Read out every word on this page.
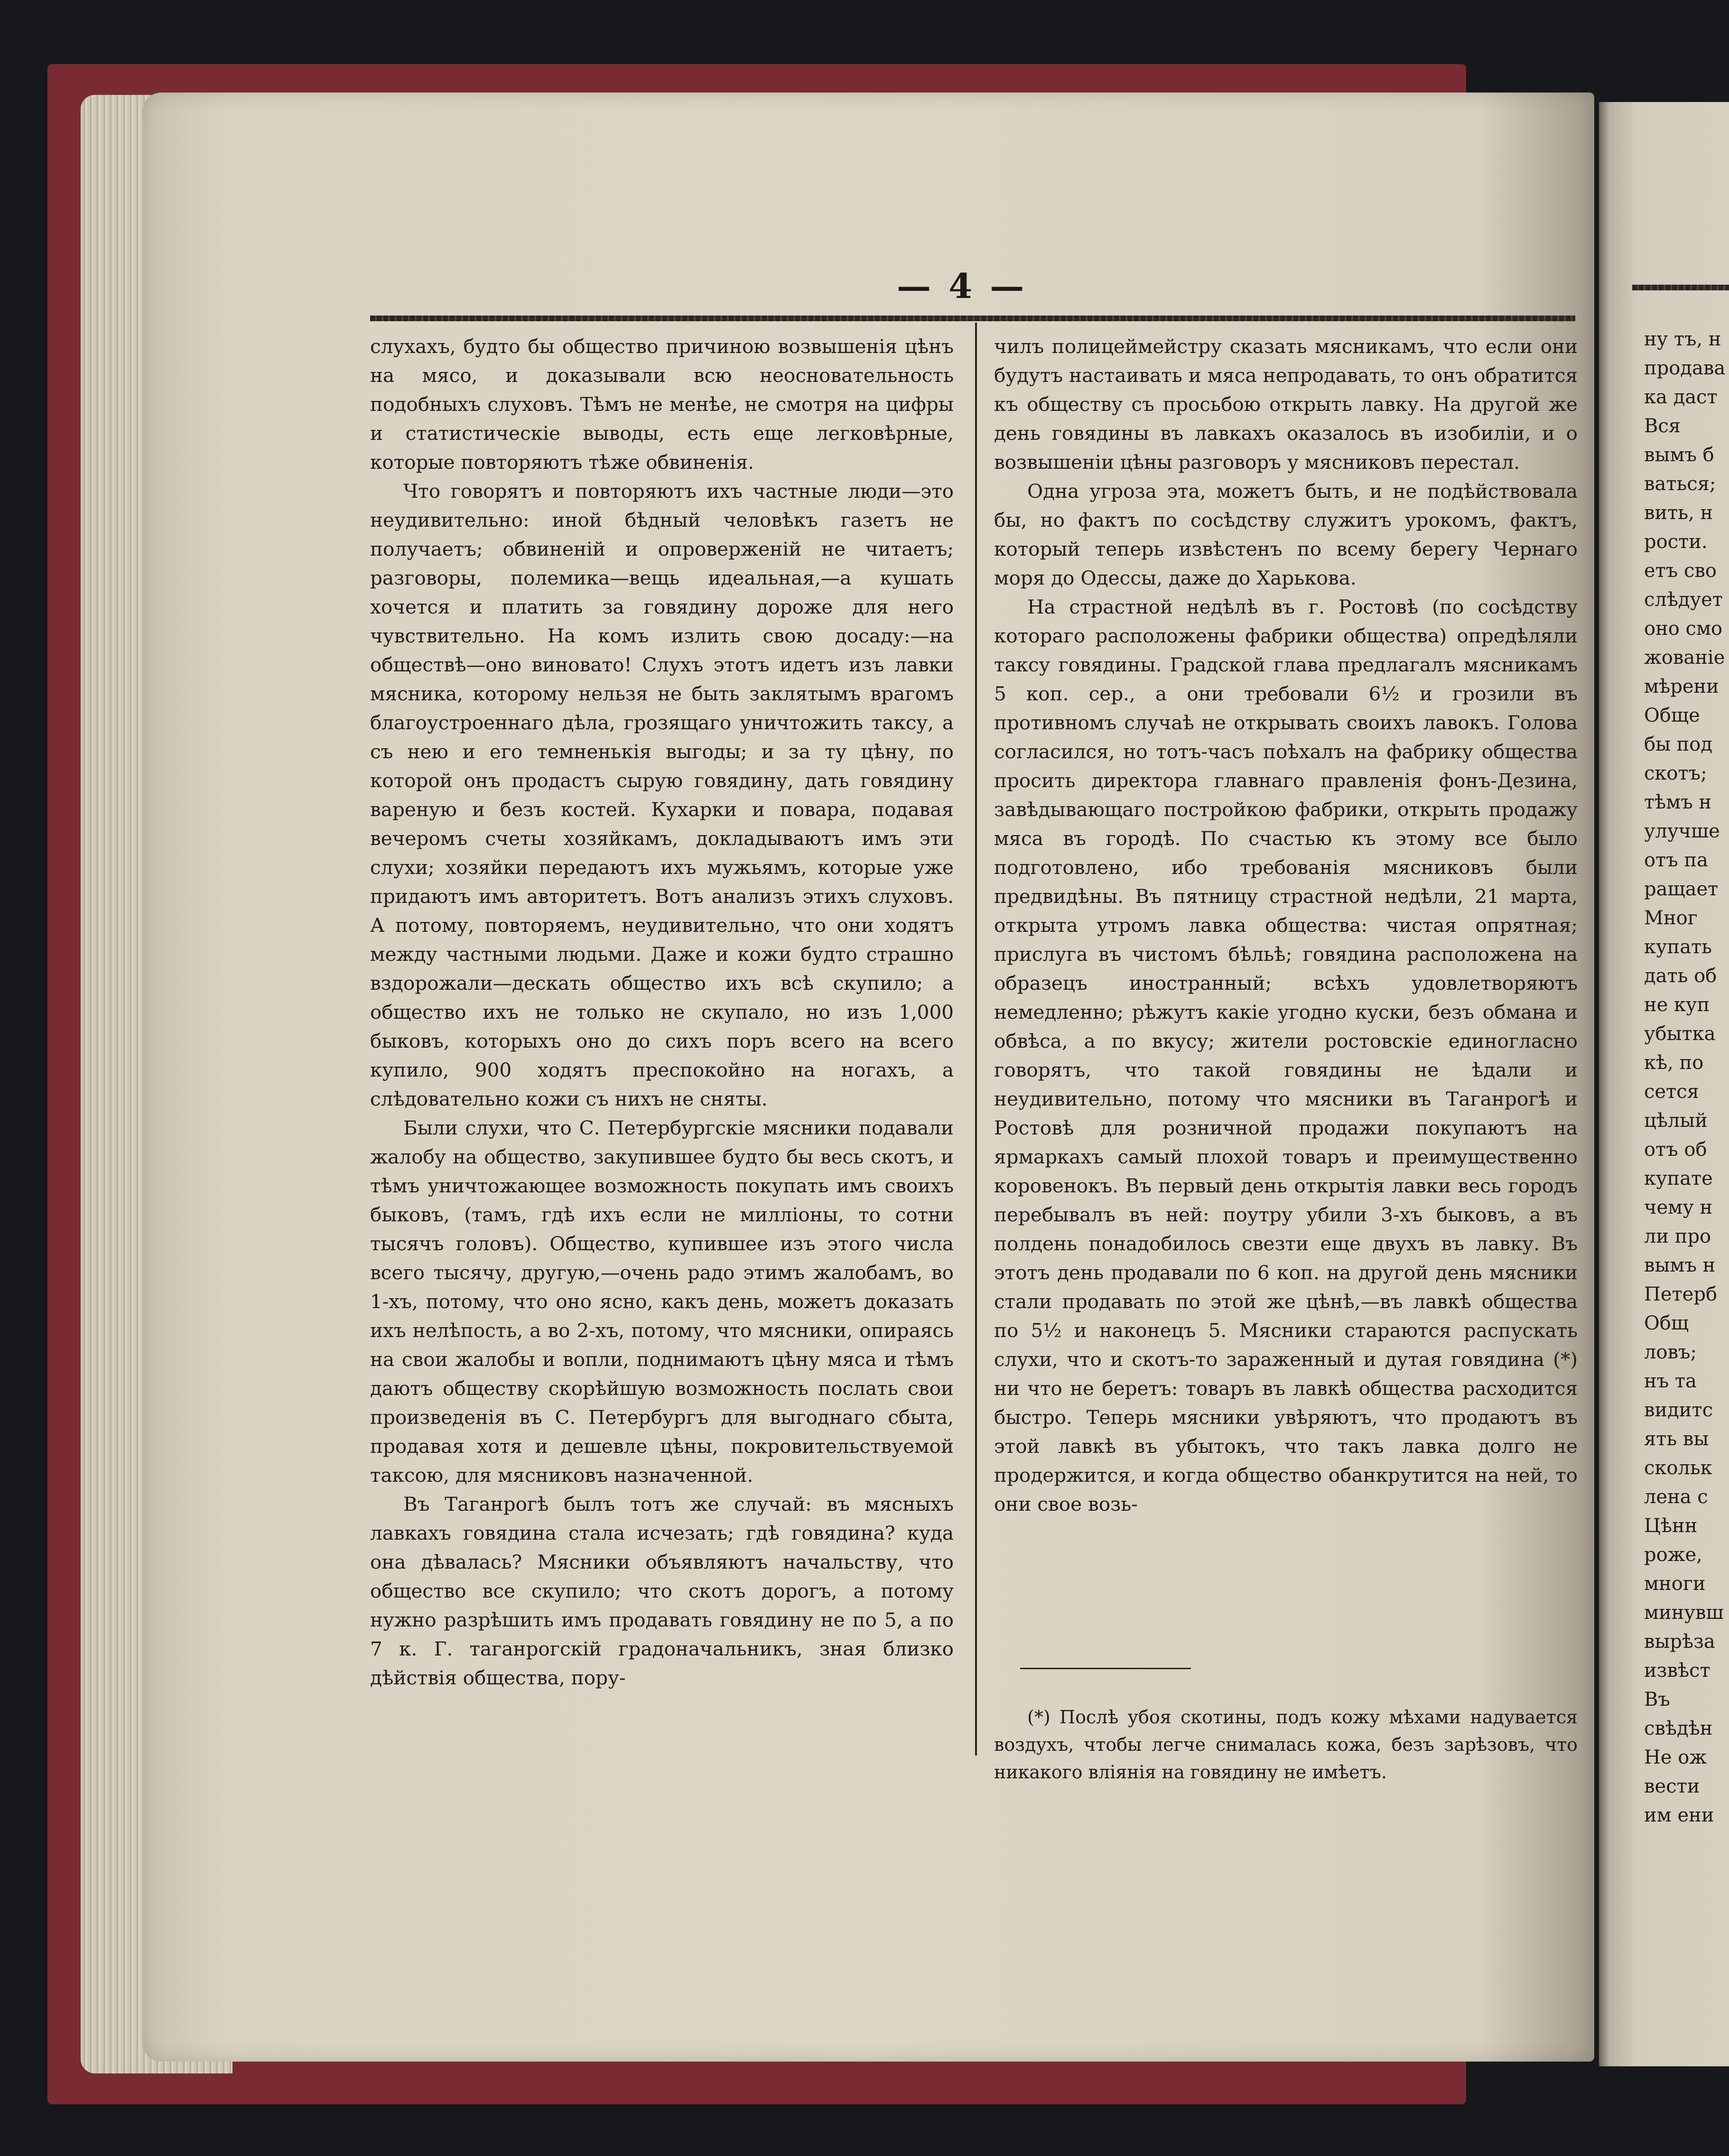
— 4 —

слухахъ, будто бы общество причиною возвышенія цѣнъ на мясо, и доказывали всю неосновательность подобныхъ слуховъ. Тѣмъ не менѣе, не смотря на цифры и статистическіе выводы, есть еще легковѣрные, которые повторяютъ тѣже обвиненія.

Что говорятъ и повторяютъ ихъ частные люди—это неудивительно: иной бѣдный человѣкъ газетъ не получаетъ; обвиненій и опроверженій не читаетъ; разговоры, полемика—вещь идеальная,—а кушать хочется и платить за говядину дороже для него чувствительно. На комъ излить свою досаду:—на обществѣ—оно виновато! Слухъ этотъ идетъ изъ лавки мясника, которому нельзя не быть заклятымъ врагомъ благоустроеннаго дѣла, грозящаго уничтожить таксу, а съ нею и его темненькія выгоды; и за ту цѣну, по которой онъ продастъ сырую говядину, дать говядину вареную и безъ костей. Кухарки и повара, подавая вечеромъ счеты хозяйкамъ, докладываютъ имъ эти слухи; хозяйки передаютъ ихъ мужьямъ, которые уже придаютъ имъ авторитетъ. Вотъ анализъ этихъ слуховъ. А потому, повторяемъ, неудивительно, что они ходятъ между частными людьми. Даже и кожи будто страшно вздорожали—дескать общество ихъ всѣ скупило; а общество ихъ не только не скупало, но изъ 1,000 быковъ, которыхъ оно до сихъ поръ всего на всего купило, 900 ходятъ преспокойно на ногахъ, а слѣдовательно кожи съ нихъ не сняты.

Были слухи, что С. Петербургскіе мясники подавали жалобу на общество, закупившее будто бы весь скотъ, и тѣмъ уничтожающее возможность покупать имъ своихъ быковъ, (тамъ, гдѣ ихъ если не милліоны, то сотни тысячъ головъ). Общество, купившее изъ этого числа всего тысячу, другую,—очень радо этимъ жалобамъ, во 1-хъ, потому, что оно ясно, какъ день, можетъ доказать ихъ нелѣпость, а во 2-хъ, потому, что мясники, опираясь на свои жалобы и вопли, поднимаютъ цѣну мяса и тѣмъ даютъ обществу скорѣйшую возможность послать свои произведенія въ С. Петербургъ для выгоднаго сбыта, продавая хотя и дешевле цѣны, покровительствуемой таксою, для мясниковъ назначенной.

Въ Таганрогѣ былъ тотъ же случай: въ мясныхъ лавкахъ говядина стала исчезать; гдѣ говядина? куда она дѣвалась? Мясники объявляютъ начальству, что общество все скупило; что скотъ дорогъ, а потому нужно разрѣшить имъ продавать говядину не по 5, а по 7 к. Г. таганрогскій градоначальникъ, зная близко дѣйствія общества, пору-

чилъ полицеймейстру сказать мясникамъ, что если они будутъ настаивать и мяса непродавать, то онъ обратится къ обществу съ просьбою открыть лавку. На другой же день говядины въ лавкахъ оказалось въ изобиліи, и о возвышеніи цѣны разговоръ у мясниковъ перестал.

Одна угроза эта, можетъ быть, и не подѣйствовала бы, но фактъ по сосѣдству служитъ урокомъ, фактъ, который теперь извѣстенъ по всему берегу Чернаго моря до Одессы, даже до Харькова.

На страстной недѣлѣ въ г. Ростовѣ (по сосѣдству котораго расположены фабрики общества) опредѣляли таксу говядины. Градской глава предлагалъ мясникамъ 5 коп. сер., а они требовали 6½ и грозили въ противномъ случаѣ не открывать своихъ лавокъ. Голова согласился, но тотъ-часъ поѣхалъ на фабрику общества просить директора главнаго правленія фонъ-Дезина, завѣдывающаго постройкою фабрики, открыть продажу мяса въ городѣ. По счастью къ этому все было подготовлено, ибо требованія мясниковъ были предвидѣны. Въ пятницу страстной недѣли, 21 марта, открыта утромъ лавка общества: чистая опрятная; прислуга въ чистомъ бѣльѣ; говядина расположена на образецъ иностранный; всѣхъ удовлетворяютъ немедленно; рѣжутъ какіе угодно куски, безъ обмана и обвѣса, а по вкусу; жители ростовскіе единогласно говорятъ, что такой говядины не ѣдали и неудивительно, потому что мясники въ Таганрогѣ и Ростовѣ для розничной продажи покупаютъ на ярмаркахъ самый плохой товаръ и преимущественно коровенокъ. Въ первый день открытія лавки весь городъ перебывалъ въ ней: поутру убили 3-хъ быковъ, а въ полдень понадобилось свезти еще двухъ въ лавку. Въ этотъ день продавали по 6 коп. на другой день мясники стали продавать по этой же цѣнѣ,—въ лавкѣ общества по 5½ и наконецъ 5. Мясники стараются распускать слухи, что и скотъ-то зараженный и дутая говядина (*) ни что не беретъ: товаръ въ лавкѣ общества расходится быстро. Теперь мясники увѣряютъ, что продаютъ въ этой лавкѣ въ убытокъ, что такъ лавка долго не продержится, и когда общество обанкрутится на ней, то они свое возь-

(*) Послѣ убоя скотины, подъ кожу мѣхами надувается воздухъ, чтобы легче снималась кожа, безъ зарѣзовъ, что никакого вліянія на говядину не имѣетъ.
ну тъ, н
продава
ка даст
Вся
вымъ б
ваться;
вить, н
рости.
етъ сво
слѣдует
оно смо
жованіе
мѣрени
Обще
бы под
скотъ;
тѣмъ н
улучше
отъ па
ращает
Мног
купать
дать об
не куп
убытка
кѣ, по
сется
цѣлый
отъ об
купате
чему н
ли про
вымъ н
Петерб
Общ
ловъ;
нъ та
видитс
ять вы
скольк
лена с
Цѣнн
роже,
многи
минувш
вырѣза
извѣст
Въ
свѣдѣн
Не ож
вести
им ени
